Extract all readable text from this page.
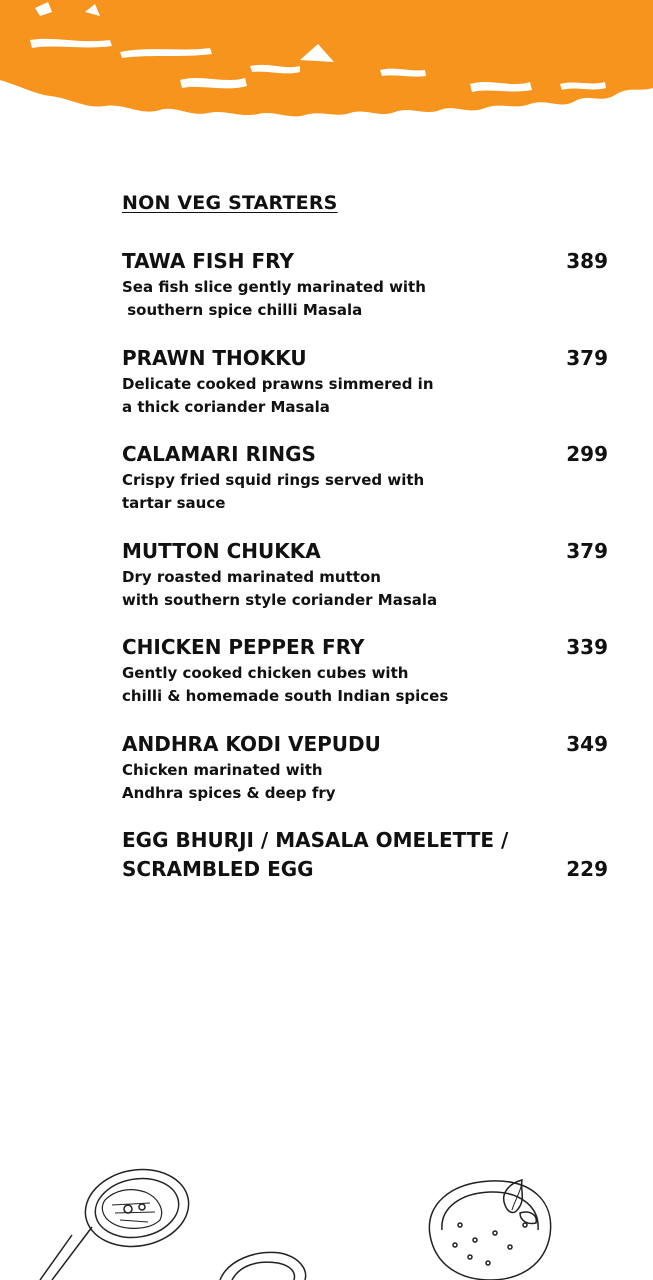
NON VEG STARTERS
TAWA FISH FRY	389
Sea fish slice gently marinated with
southern spice chilli Masala
PRAWN THOKKU	379
Delicate cooked prawns simmered in
a thick coriander Masala
CALAMARI RINGS	299
Crispy fried squid rings served with
tartar sauce
MUTTON CHUKKA	379
Dry roasted marinated mutton
with southern style coriander Masala
CHICKEN PEPPER FRY	339
Gently cooked chicken cubes with
chilli & homemade south Indian spices
ANDHRA KODI VEPUDU	349
Chicken marinated with
Andhra spices & deep fry
EGG BHURJI / MASALA OMELETTE /
SCRAMBLED EGG	229
